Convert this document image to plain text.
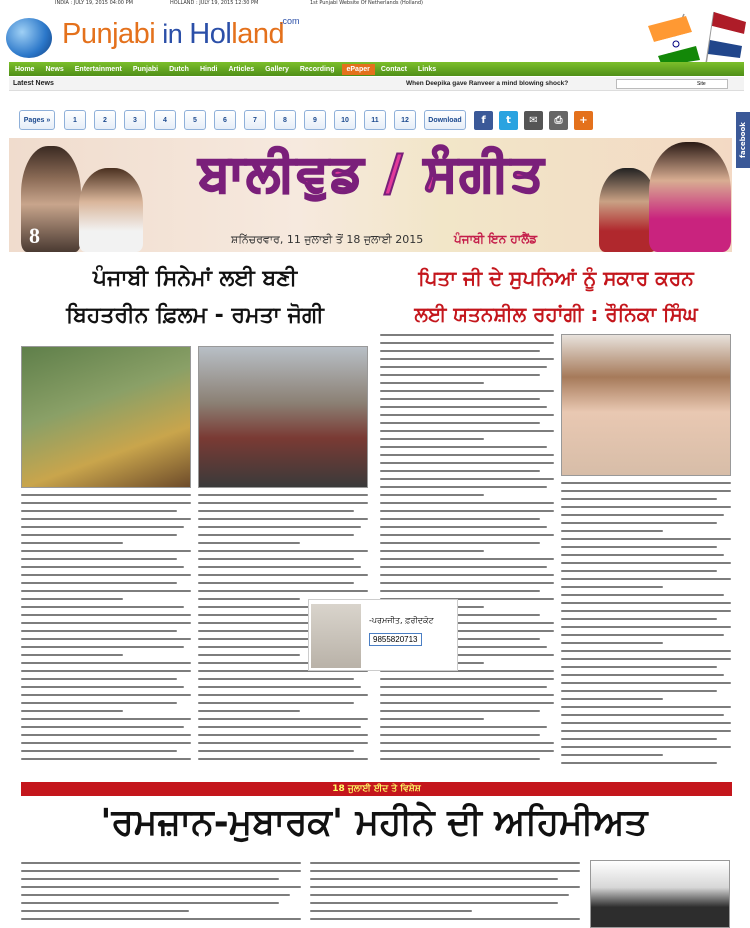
INDIA : JULY 19, 2015 04:00 PM	HOLLAND : JULY 19, 2015 12:30 PM	1st Punjabi Website Of Netherlands (Holland)
Punjabi in Holland
.com
Home News Entertainment Punjabi Dutch Hindi Articles Gallery Recording	ePaper	Contact Links
Latest News	When Deepika gave Ranveer a mind blowing shock?	Site
Pages »	1	2	3	4	5	6	7	8	9	10	11	12	Download	f	t	✉	⎙	+
facebook
8
ਬਾਲੀਵੁਡ / ਸੰਗੀਤ
ਸ਼ਨਿੱਚਰਵਾਰ, 11 ਜੁਲਾਈ ਤੋਂ 18 ਜੁਲਾਈ 2015	ਪੰਜਾਬੀ ਇਨ ਹਾਲੈਂਡ
ਪੰਜਾਬੀ ਸਿਨੇਮਾਂ ਲਈ ਬਣੀ
ਬਿਹਤਰੀਨ ਫ਼ਿਲਮ - ਰਮਤਾ ਜੋਗੀ
ਪਿਤਾ ਜੀ ਦੇ ਸੁਪਨਿਆਂ ਨੂੰ ਸਕਾਰ ਕਰਨ
ਲਈ ਯਤਨਸ਼ੀਲ ਰਹਾਂਗੀ : ਰੌਨਿਕਾ ਸਿੰਘ
-ਪਰਮਜੀਤ, ਫ਼ਰੀਦਕੋਟ
9855820713
18 ਜੁਲਾਈ ਈਦ ਤੇ ਵਿਸ਼ੇਸ਼
'ਰਮਜ਼ਾਨ-ਮੁਬਾਰਕ' ਮਹੀਨੇ ਦੀ ਅਹਿਮੀਅਤ
